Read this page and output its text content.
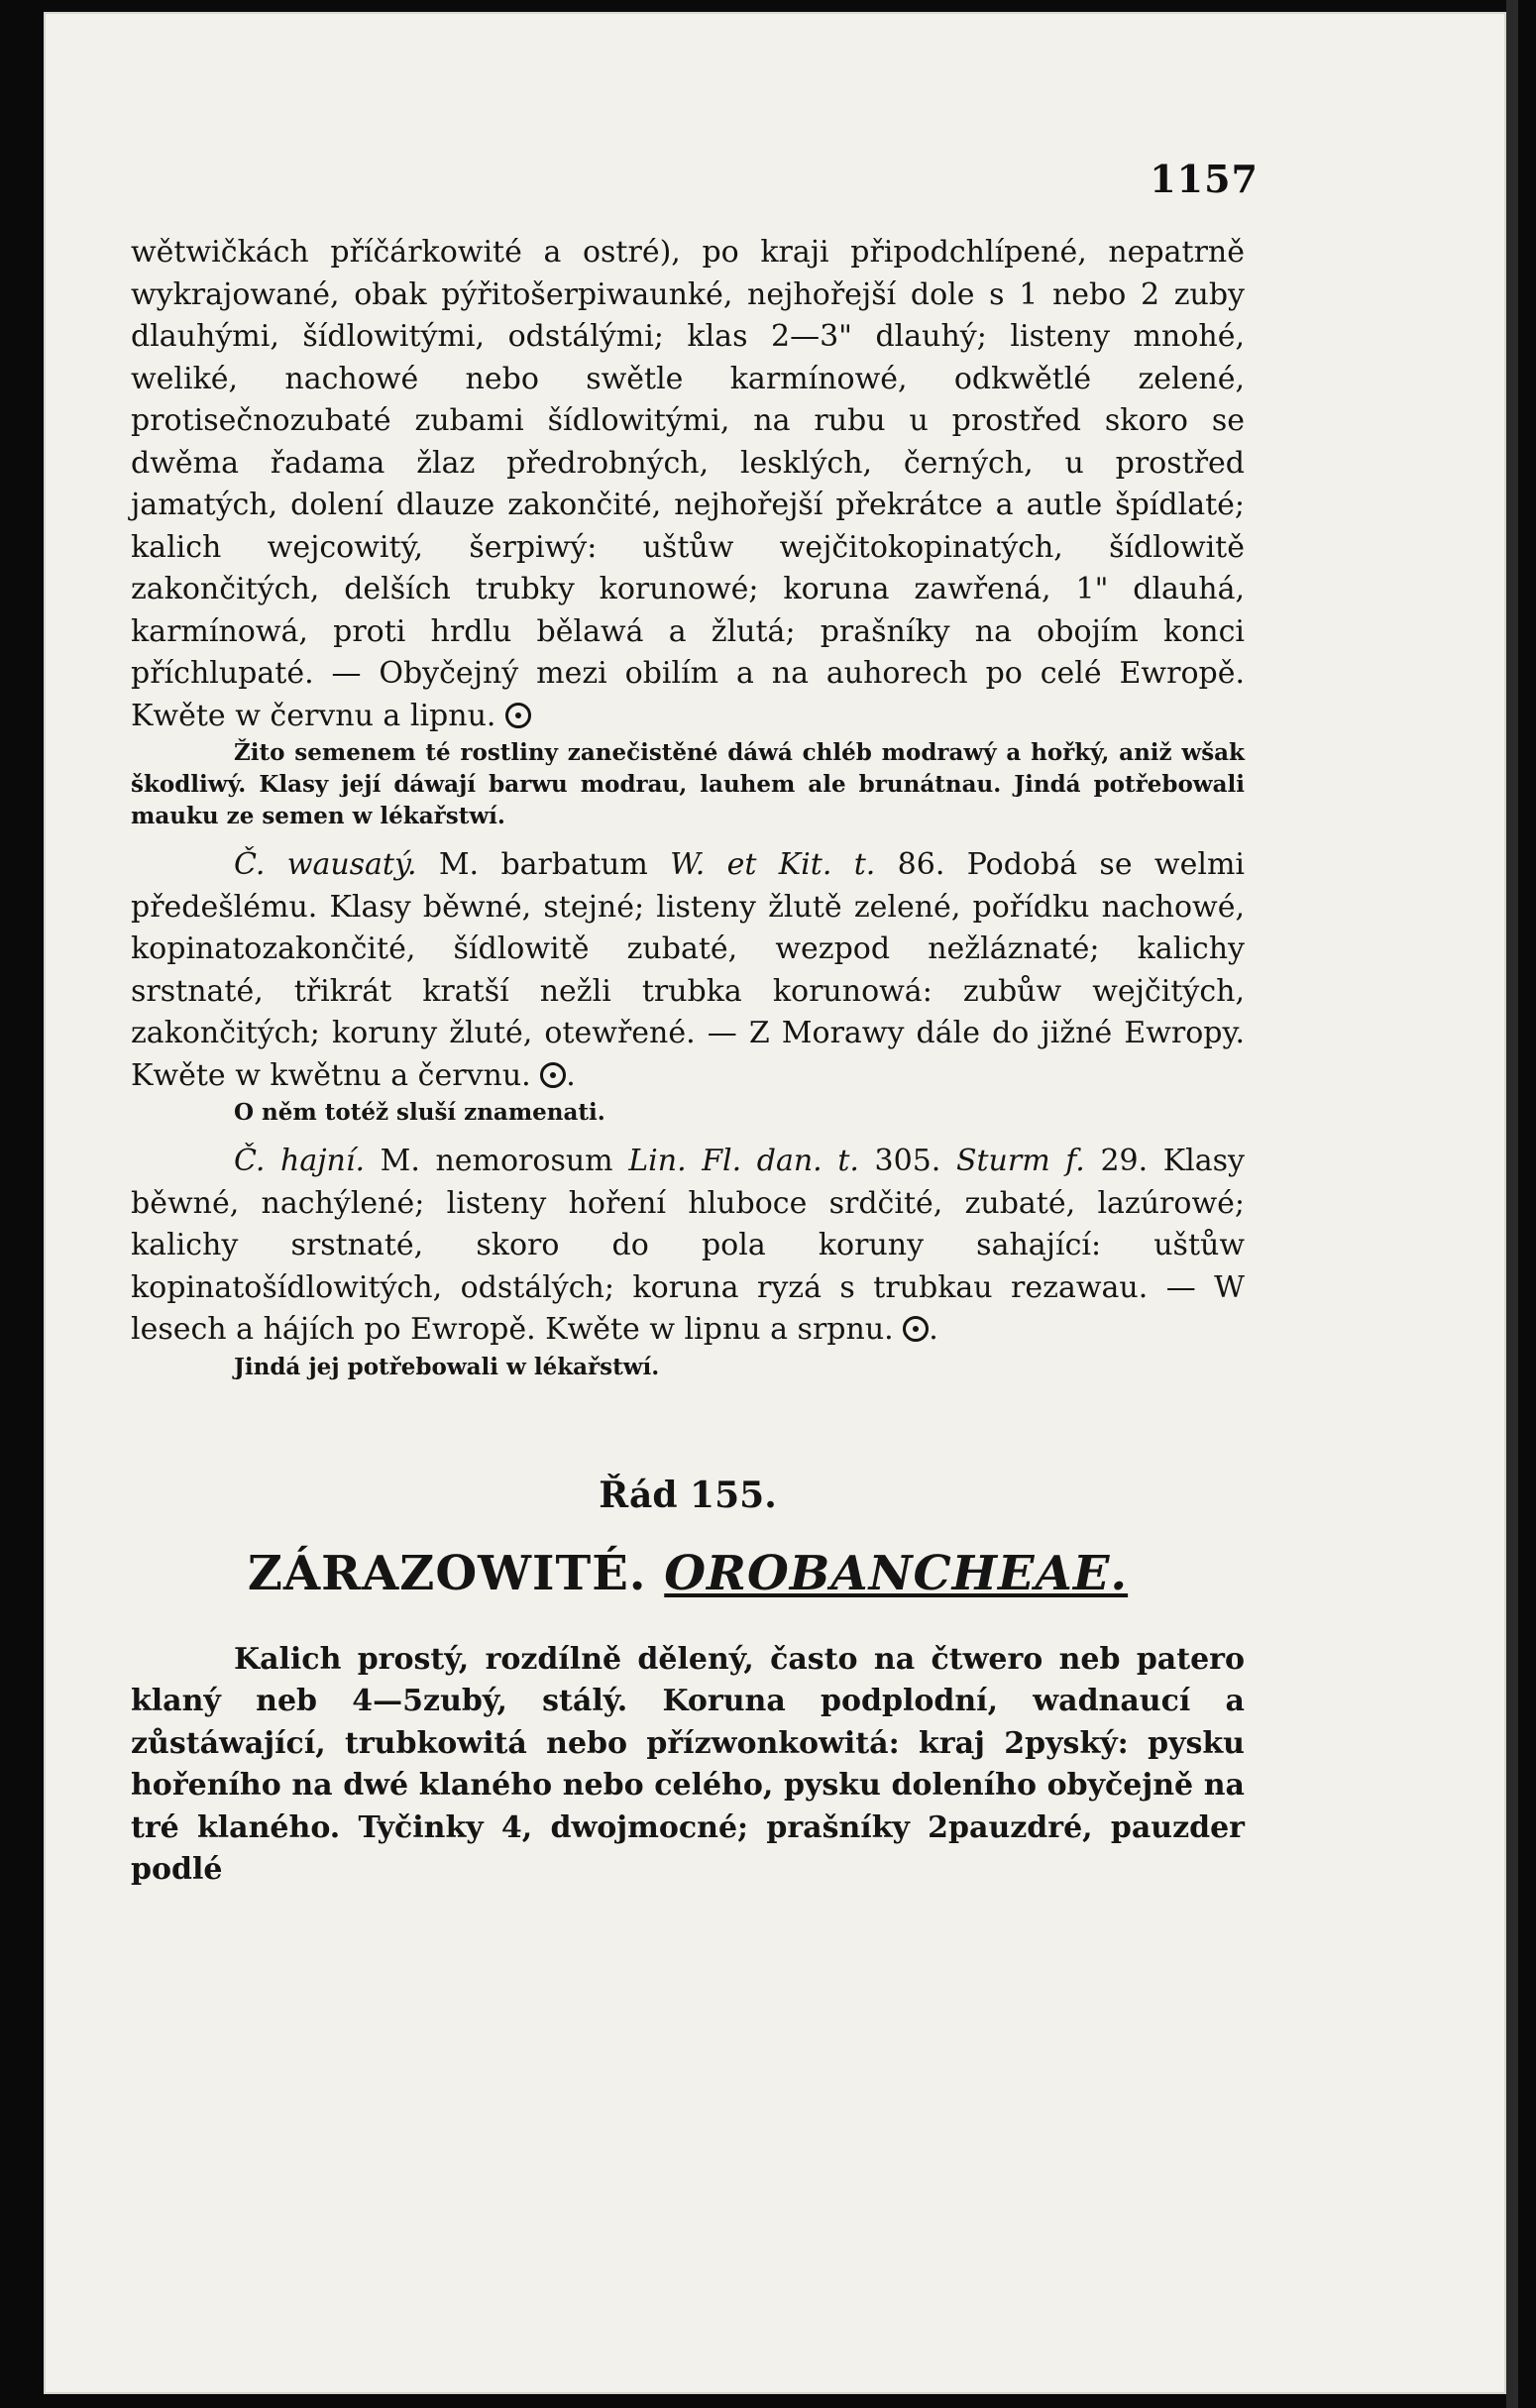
1157

wětwičkách příčárkowité a ostré), po kraji připodchlípené, nepatrně wykrajowané, obak pýřitošerpiwaunké, nejhořejší dole s 1 nebo 2 zuby dlauhými, šídlowitými, odstálými; klas 2—3" dlauhý; listeny mnohé, weliké, nachowé nebo swětle karmínowé, odkwětlé zelené, protisečnozubaté zubami šídlowitými, na rubu u prostřed skoro se dwěma řadama žlaz předrobných, lesklých, černých, u prostřed jamatých, dolení dlauze zakončité, nejhořejší překrátce a autle špídlaté; kalich wejcowitý, šerpiwý: uštůw wejčitokopinatých, šídlowitě zakončitých, delších trubky korunowé; koruna zawřená, 1" dlauhá, karmínowá, proti hrdlu bělawá a žlutá; prašníky na obojím konci příchlupaté. — Obyčejný mezi obilím a na auhorech po celé Ewropě. Kwěte w červnu a lipnu.

Žito semenem té rostliny zanečistěné dáwá chléb modrawý a hořký, aniž wšak škodliwý. Klasy její dáwají barwu modrau, lauhem ale brunátnau. Jindá potřebowali mauku ze semen w lékařstwí.

Č. wausatý. M. barbatum W. et Kit. t. 86. Podobá se welmi předešlému. Klasy běwné, stejné; listeny žlutě zelené, pořídku nachowé, kopinatozakončité, šídlowitě zubaté, wezpod nežláznaté; kalichy srstnaté, třikrát kratší nežli trubka korunowá: zubůw wejčitých, zakončitých; koruny žluté, otewřené. — Z Morawy dále do jižné Ewropy. Kwěte w kwětnu a červnu. .

O něm totéž sluší znamenati.

Č. hajní. M. nemorosum Lin. Fl. dan. t. 305. Sturm f. 29. Klasy běwné, nachýlené; listeny hoření hluboce srdčité, zubaté, lazúrowé; kalichy srstnaté, skoro do pola koruny sahající: uštůw kopinatošídlowitých, odstálých; koruna ryzá s trubkau rezawau. — W lesech a hájích po Ewropě. Kwěte w lipnu a srpnu. .

Jindá jej potřebowali w lékařstwí.

Řád 155.
ZÁRAZOWITÉ. OROBANCHEAE.

Kalich prostý, rozdílně dělený, často na čtwero neb patero klaný neb 4—5zubý, stálý. Koruna podplodní, wadnaucí a zůstáwající, trubkowitá nebo přízwonkowitá: kraj 2pyský: pysku hořeního na dwé klaného nebo celého, pysku doleního obyčejně na tré klaného. Tyčinky 4, dwojmocné; prašníky 2pauzdré, pauzder podlé
